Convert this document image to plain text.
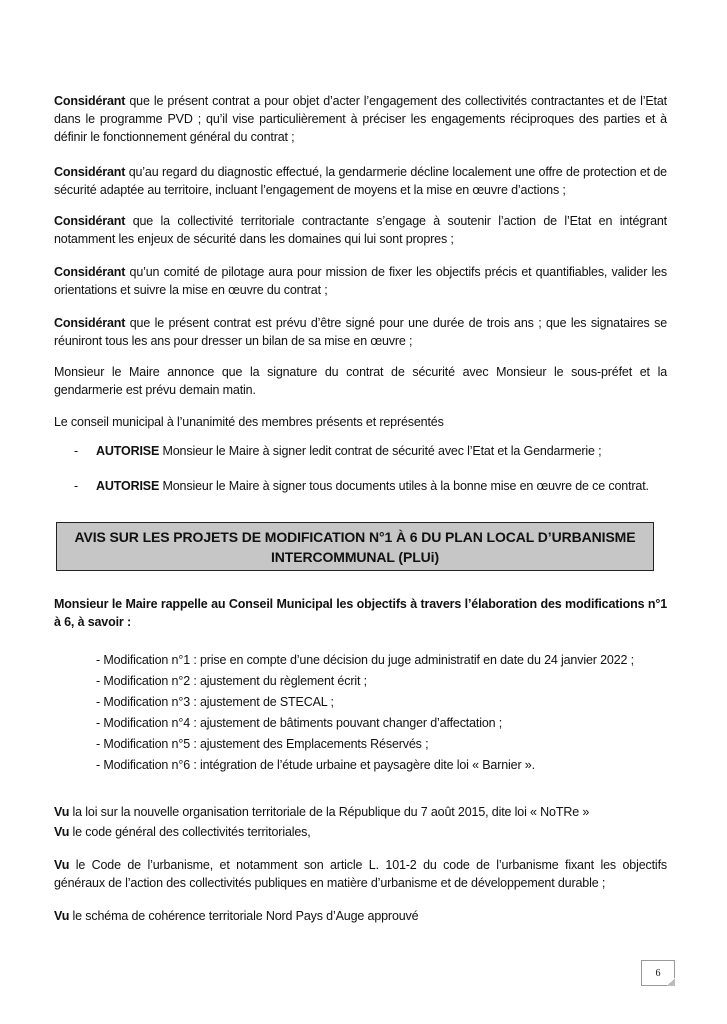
Considérant que le présent contrat a pour objet d’acter l’engagement des collectivités contractantes et de l’Etat dans le programme PVD ; qu’il vise particulièrement à préciser les engagements réciproques des parties et à définir le fonctionnement général du contrat ;
Considérant qu’au regard du diagnostic effectué, la gendarmerie décline localement une offre de protection et de sécurité adaptée au territoire, incluant l’engagement de moyens et la mise en œuvre d’actions ;
Considérant que la collectivité territoriale contractante s’engage à soutenir l’action de l’Etat en intégrant notamment les enjeux de sécurité dans les domaines qui lui sont propres ;
Considérant qu’un comité de pilotage aura pour mission de fixer les objectifs précis et quantifiables, valider les orientations et suivre la mise en œuvre du contrat ;
Considérant que le présent contrat est prévu d’être signé pour une durée de trois ans ; que les signataires se réuniront tous les ans pour dresser un bilan de sa mise en œuvre ;
Monsieur le Maire annonce que la signature du contrat de sécurité avec Monsieur le sous-préfet et la gendarmerie est prévu demain matin.
Le conseil municipal à l’unanimité des membres présents et représentés
- AUTORISE Monsieur le Maire à signer ledit contrat de sécurité avec l’Etat et la Gendarmerie ;
- AUTORISE Monsieur le Maire à signer tous documents utiles à la bonne mise en œuvre de ce contrat.
AVIS SUR LES PROJETS DE MODIFICATION N°1 À 6 DU PLAN LOCAL D’URBANISME
INTERCOMMUNAL (PLUi)
Monsieur le Maire rappelle au Conseil Municipal les objectifs à travers l’élaboration des modifications n°1 à 6, à savoir :
- Modification n°1 : prise en compte d’une décision du juge administratif en date du 24 janvier 2022 ;
- Modification n°2 : ajustement du règlement écrit ;
- Modification n°3 : ajustement de STECAL ;
- Modification n°4 : ajustement de bâtiments pouvant changer d’affectation ;
- Modification n°5 : ajustement des Emplacements Réservés ;
- Modification n°6 : intégration de l’étude urbaine et paysagère dite loi « Barnier ».
Vu la loi sur la nouvelle organisation territoriale de la République du 7 août 2015, dite loi « NoTRe »
Vu le code général des collectivités territoriales,
Vu le Code de l’urbanisme, et notamment son article L. 101-2 du code de l’urbanisme fixant les objectifs généraux de l’action des collectivités publiques en matière d’urbanisme et de développement durable ;
Vu le schéma de cohérence territoriale Nord Pays d’Auge approuvé
6
